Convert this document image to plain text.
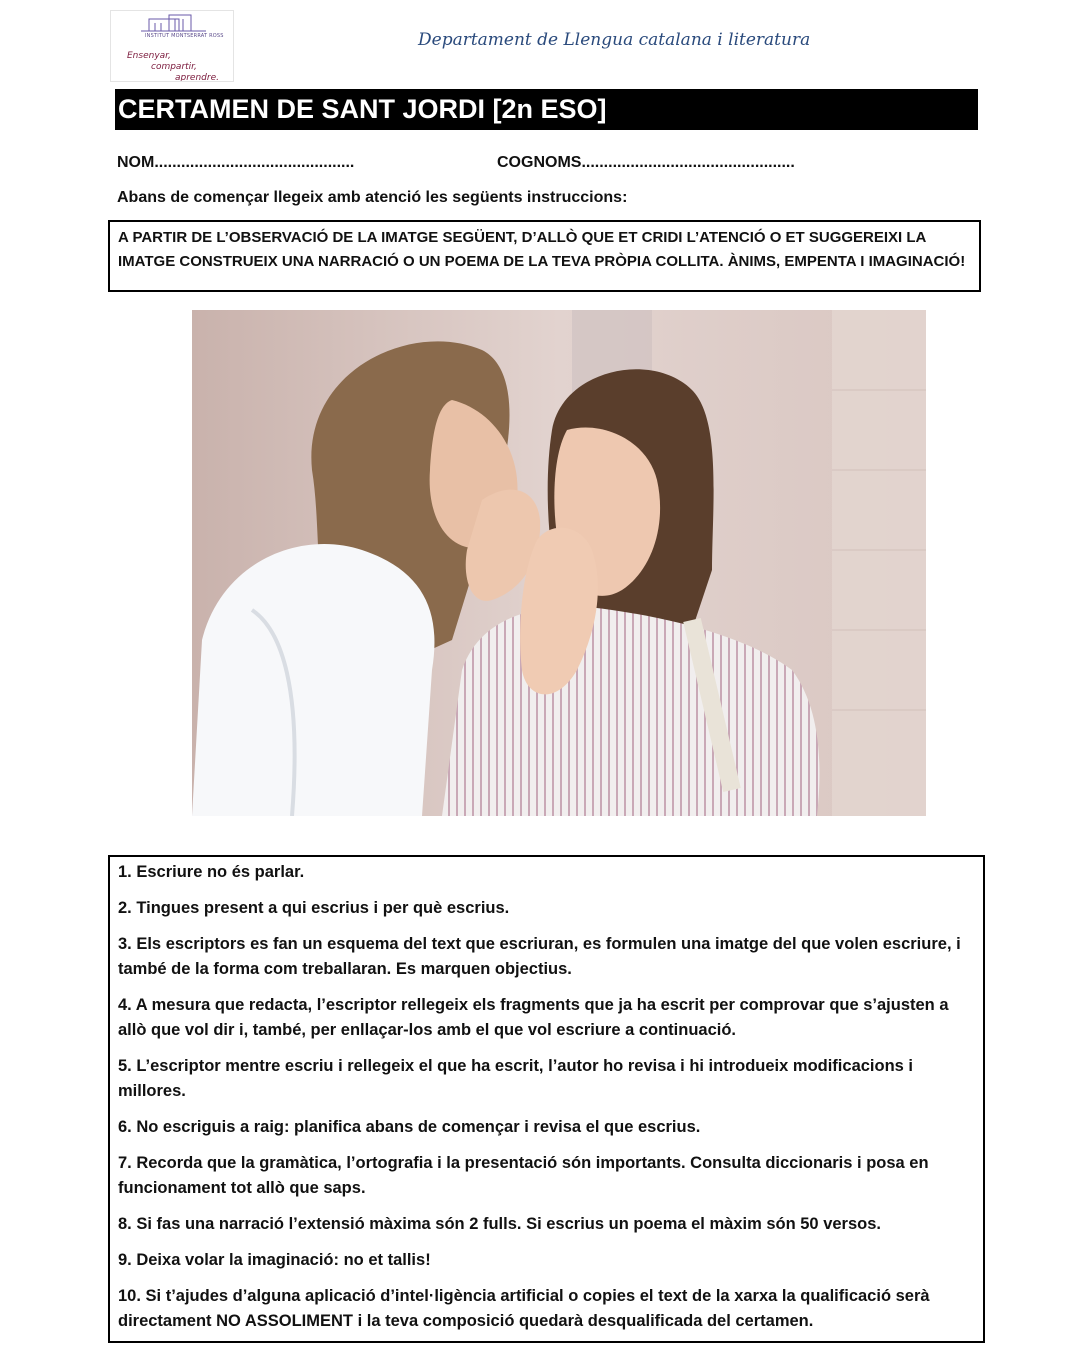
INSTITUT MONTSERRAT ROSS
Ensenyar,
compartir,
aprendre.
Departament de Llengua catalana i literatura
CERTAMEN DE SANT JORDI [2n ESO]
NOM.............................................	COGNOMS................................................
Abans de començar llegeix amb atenció les següents instruccions:
A PARTIR DE L’OBSERVACIÓ DE LA IMATGE SEGÜENT, D’ALLÒ QUE ET CRIDI L’ATENCIÓ O ET SUGGEREIXI LA IMATGE CONSTRUEIX UNA NARRACIÓ O UN POEMA DE LA TEVA PRÒPIA COLLITA. ÀNIMS, EMPENTA I IMAGINACIÓ!
1. Escriure no és parlar.
2. Tingues present a qui escrius i per què escrius.
3. Els escriptors es fan un esquema del text que escriuran, es formulen una imatge del que volen escriure, i també de la forma com treballaran. Es marquen objectius.
4. A mesura que redacta, l’escriptor rellegeix els fragments que ja ha escrit per comprovar que s’ajusten a allò que vol dir i, també, per enllaçar-los amb el que vol escriure a continuació.
5. L’escriptor mentre escriu i rellegeix el que ha escrit, l’autor ho revisa i hi introdueix modificacions i millores.
6. No escriguis a raig: planifica abans de començar i revisa el que escrius.
7. Recorda que la gramàtica, l’ortografia i la presentació són importants. Consulta diccionaris i posa en funcionament tot allò que saps.
8. Si fas una narració l’extensió màxima són 2 fulls. Si escrius un poema el màxim són 50 versos.
9. Deixa volar la imaginació: no et tallis!
10. Si t’ajudes d’alguna aplicació d’intel·ligència artificial o copies el text de la xarxa la qualificació serà directament NO ASSOLIMENT i la teva composició quedarà desqualificada del certamen.
